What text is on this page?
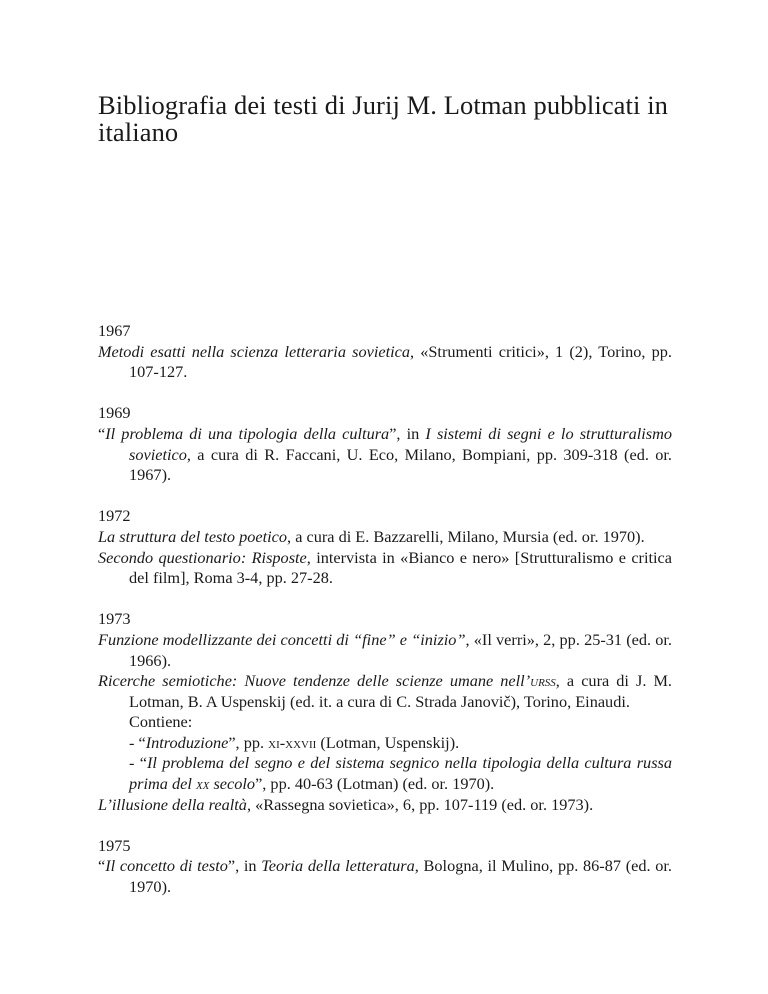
Bibliografia dei testi di Jurij M. Lotman pubblicati in italiano
1967
Metodi esatti nella scienza letteraria sovietica, «Strumenti critici», 1 (2), Torino, pp. 107-127.
1969
“Il problema di una tipologia della cultura”, in I sistemi di segni e lo strutturalismo sovietico, a cura di R. Faccani, U. Eco, Milano, Bompiani, pp. 309-318 (ed. or. 1967).
1972
La struttura del testo poetico, a cura di E. Bazzarelli, Milano, Mursia (ed. or. 1970).
Secondo questionario: Risposte, intervista in «Bianco e nero» [Strutturalismo e critica del film], Roma 3-4, pp. 27-28.
1973
Funzione modellizzante dei concetti di “fine” e “inizio”, «Il verri», 2, pp. 25-31 (ed. or. 1966).
Ricerche semiotiche: Nuove tendenze delle scienze umane nell’urss, a cura di J. M. Lotman, B. A Uspenskij (ed. it. a cura di C. Strada Janovič), Torino, Einaudi.
Contiene:
- “Introduzione”, pp. xi-xxvii (Lotman, Uspenskij).
- “Il problema del segno e del sistema segnico nella tipologia della cultura russa prima del xx secolo”, pp. 40-63 (Lotman) (ed. or. 1970).
L’illusione della realtà, «Rassegna sovietica», 6, pp. 107-119 (ed. or. 1973).
1975
“Il concetto di testo”, in Teoria della letteratura, Bologna, il Mulino, pp. 86-87 (ed. or. 1970).
